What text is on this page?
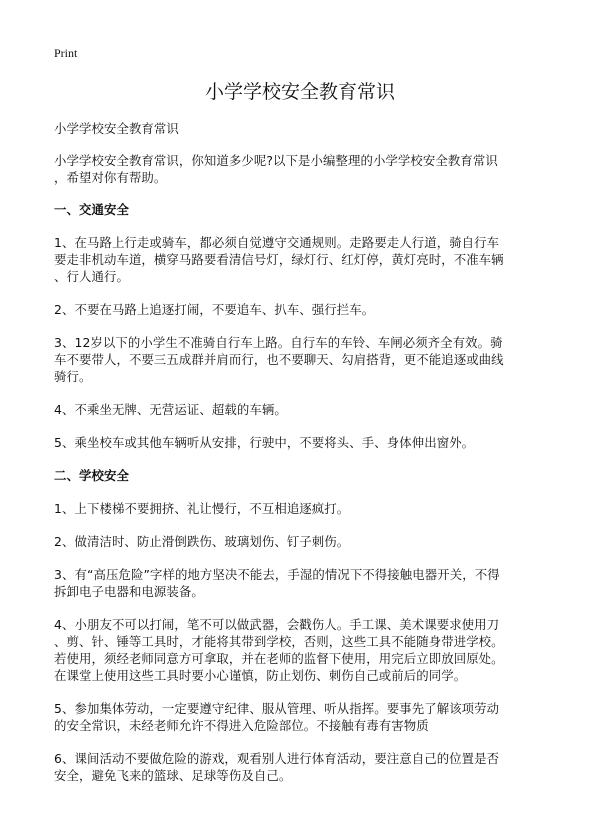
Print
小学学校安全教育常识

小学学校安全教育常识

小学学校安全教育常识，你知道多少呢?以下是小编整理的小学学校安全教育常识
，希望对你有帮助。

一、交通安全

1、在马路上行走或骑车，都必须自觉遵守交通规则。走路要走人行道，骑自行车
要走非机动车道，横穿马路要看清信号灯，绿灯行、红灯停，黄灯亮时，不准车辆
、行人通行。

2、不要在马路上追逐打闹，不要追车、扒车、强行拦车。

3、12岁以下的小学生不准骑自行车上路。自行车的车铃、车闸必须齐全有效。骑
车不要带人，不要三五成群并肩而行，也不要聊天、勾肩搭背，更不能追逐或曲线
骑行。

4、不乘坐无牌、无营运证、超载的车辆。

5、乘坐校车或其他车辆听从安排，行驶中，不要将头、手、身体伸出窗外。

二、学校安全

1、上下楼梯不要拥挤、礼让慢行，不互相追逐疯打。

2、做清洁时、防止滑倒跌伤、玻璃划伤、钉子刺伤。

3、有“高压危险”字样的地方坚决不能去，手湿的情况下不得接触电器开关，不得
拆卸电子电器和电源装备。

4、小朋友不可以打闹，笔不可以做武器，会戳伤人。手工课、美术课要求使用刀
、剪、针、锤等工具时，才能将其带到学校，否则，这些工具不能随身带进学校。
若使用，须经老师同意方可拿取，并在老师的监督下使用，用完后立即放回原处。
在课堂上使用这些工具时要小心谨慎，防止划伤、刺伤自己或前后的同学。

5、参加集体劳动，一定要遵守纪律、服从管理、听从指挥。要事先了解该项劳动
的安全常识，未经老师允许不得进入危险部位。不接触有毒有害物质

6、课间活动不要做危险的游戏，观看别人进行体育活动，要注意自己的位置是否
安全，避免飞来的篮球、足球等伤及自己。
